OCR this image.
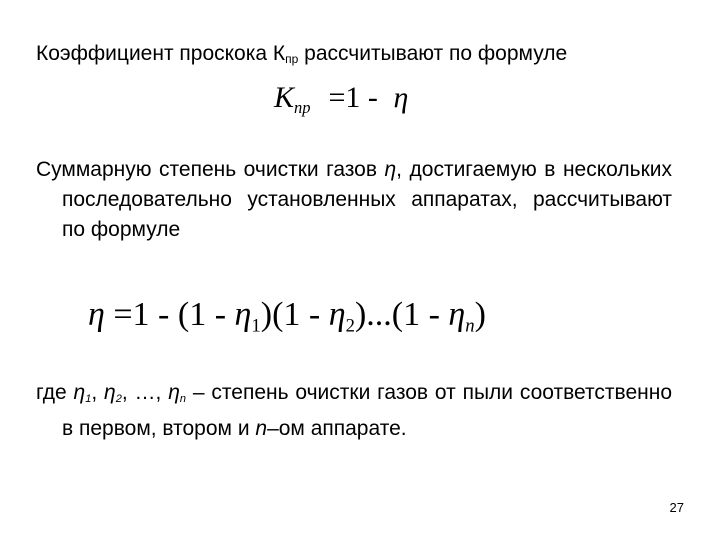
Коэффициент проскока Кпр рассчитывают по формуле
Kпр =1 - η
Суммарную степень очистки газов η, достигаемую в нескольких последовательно установленных аппаратах, рассчитывают по формуле
η =1 - (1 - η1)(1 - η2)...(1 - ηn)
где η1, η2, …, ηn – степень очистки газов от пыли соответственно в первом, втором и n–ом аппарате.
27
